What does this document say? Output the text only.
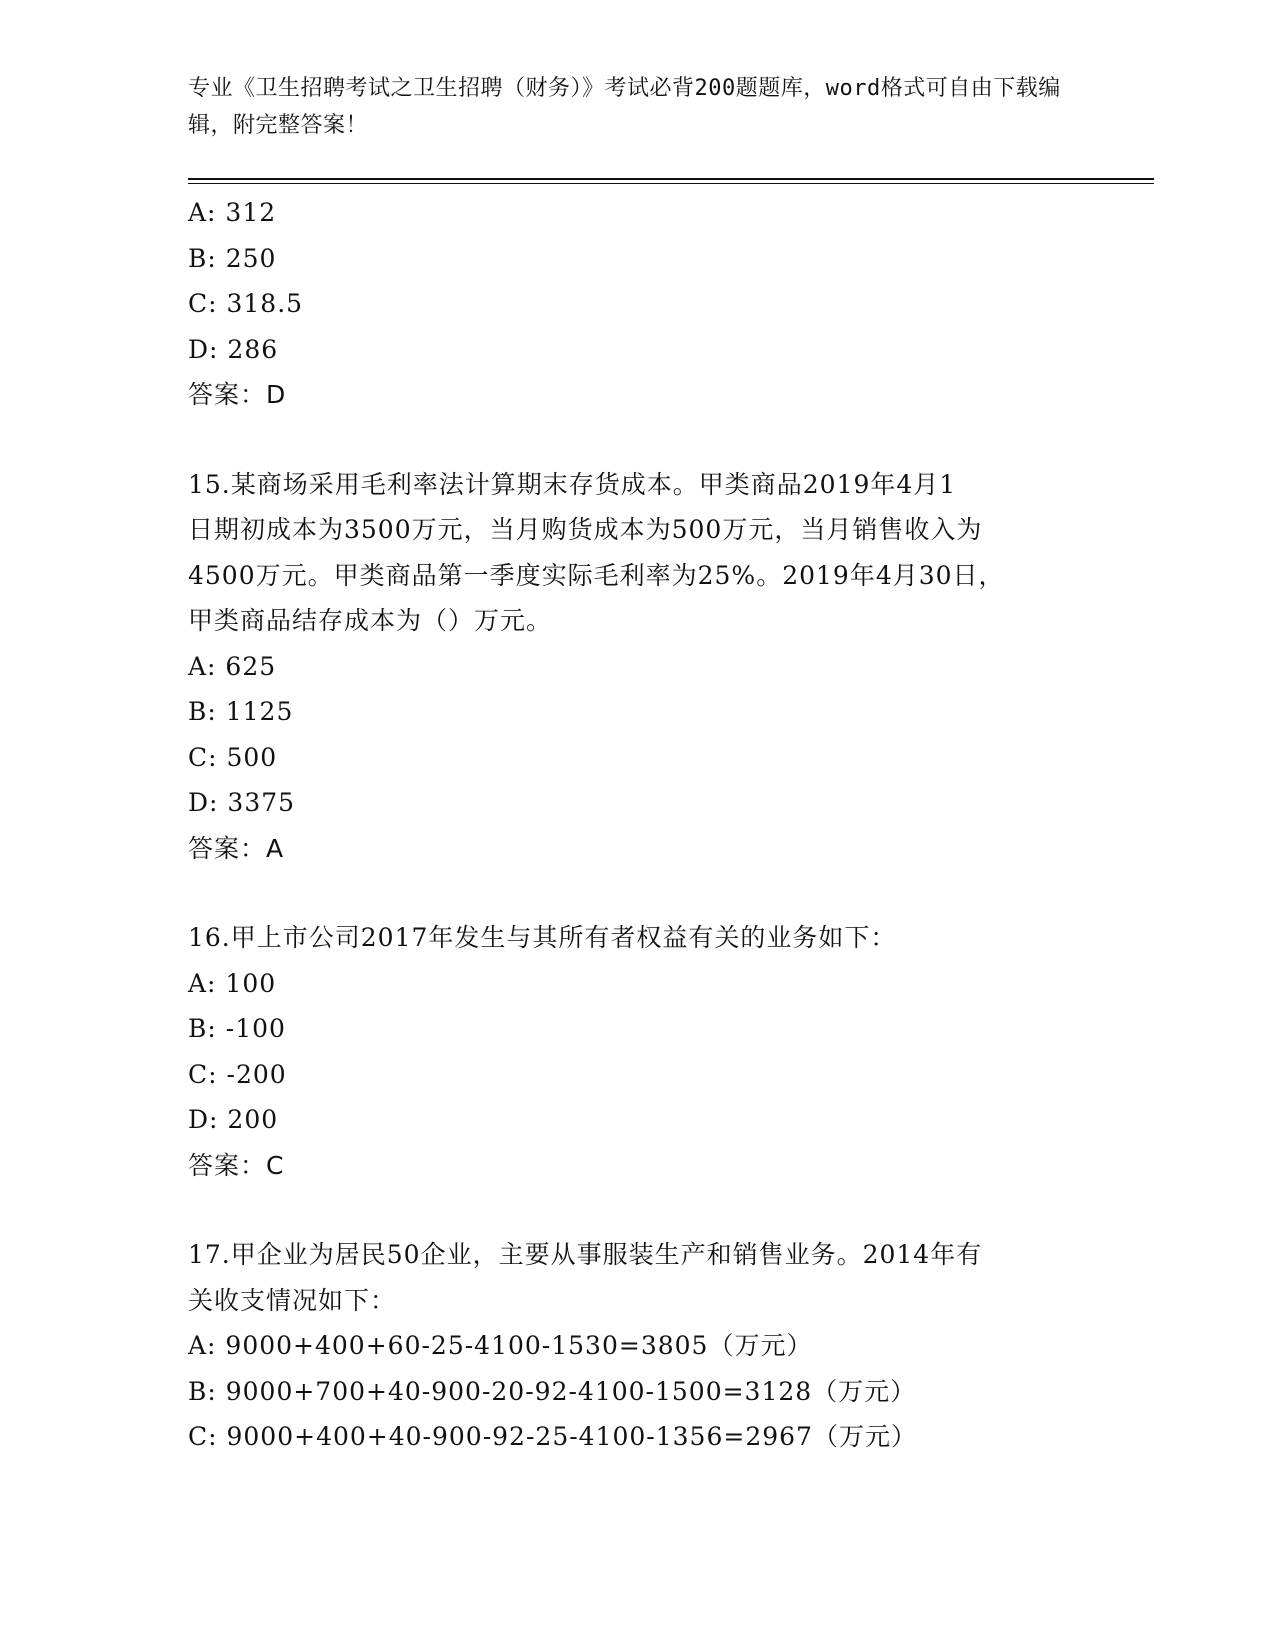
专业《卫生招聘考试之卫生招聘（财务）》考试必背200题题库，word格式可自由下载编辑，附完整答案！
A: 312
B: 250
C: 318.5
D: 286
答案：D
15.某商场采用毛利率法计算期末存货成本。甲类商品2019年4月1
日期初成本为3500万元，当月购货成本为500万元，当月销售收入为
4500万元。甲类商品第一季度实际毛利率为25%。2019年4月30日，
甲类商品结存成本为（）万元。
A: 625
B: 1125
C: 500
D: 3375
答案：A
16.甲上市公司2017年发生与其所有者权益有关的业务如下：
A: 100
B: -100
C: -200
D: 200
答案：C
17.甲企业为居民50企业，主要从事服装生产和销售业务。2014年有
关收支情况如下：
A: 9000+400+60-25-4100-1530=3805（万元）
B: 9000+700+40-900-20-92-4100-1500=3128（万元）
C: 9000+400+40-900-92-25-4100-1356=2967（万元）
